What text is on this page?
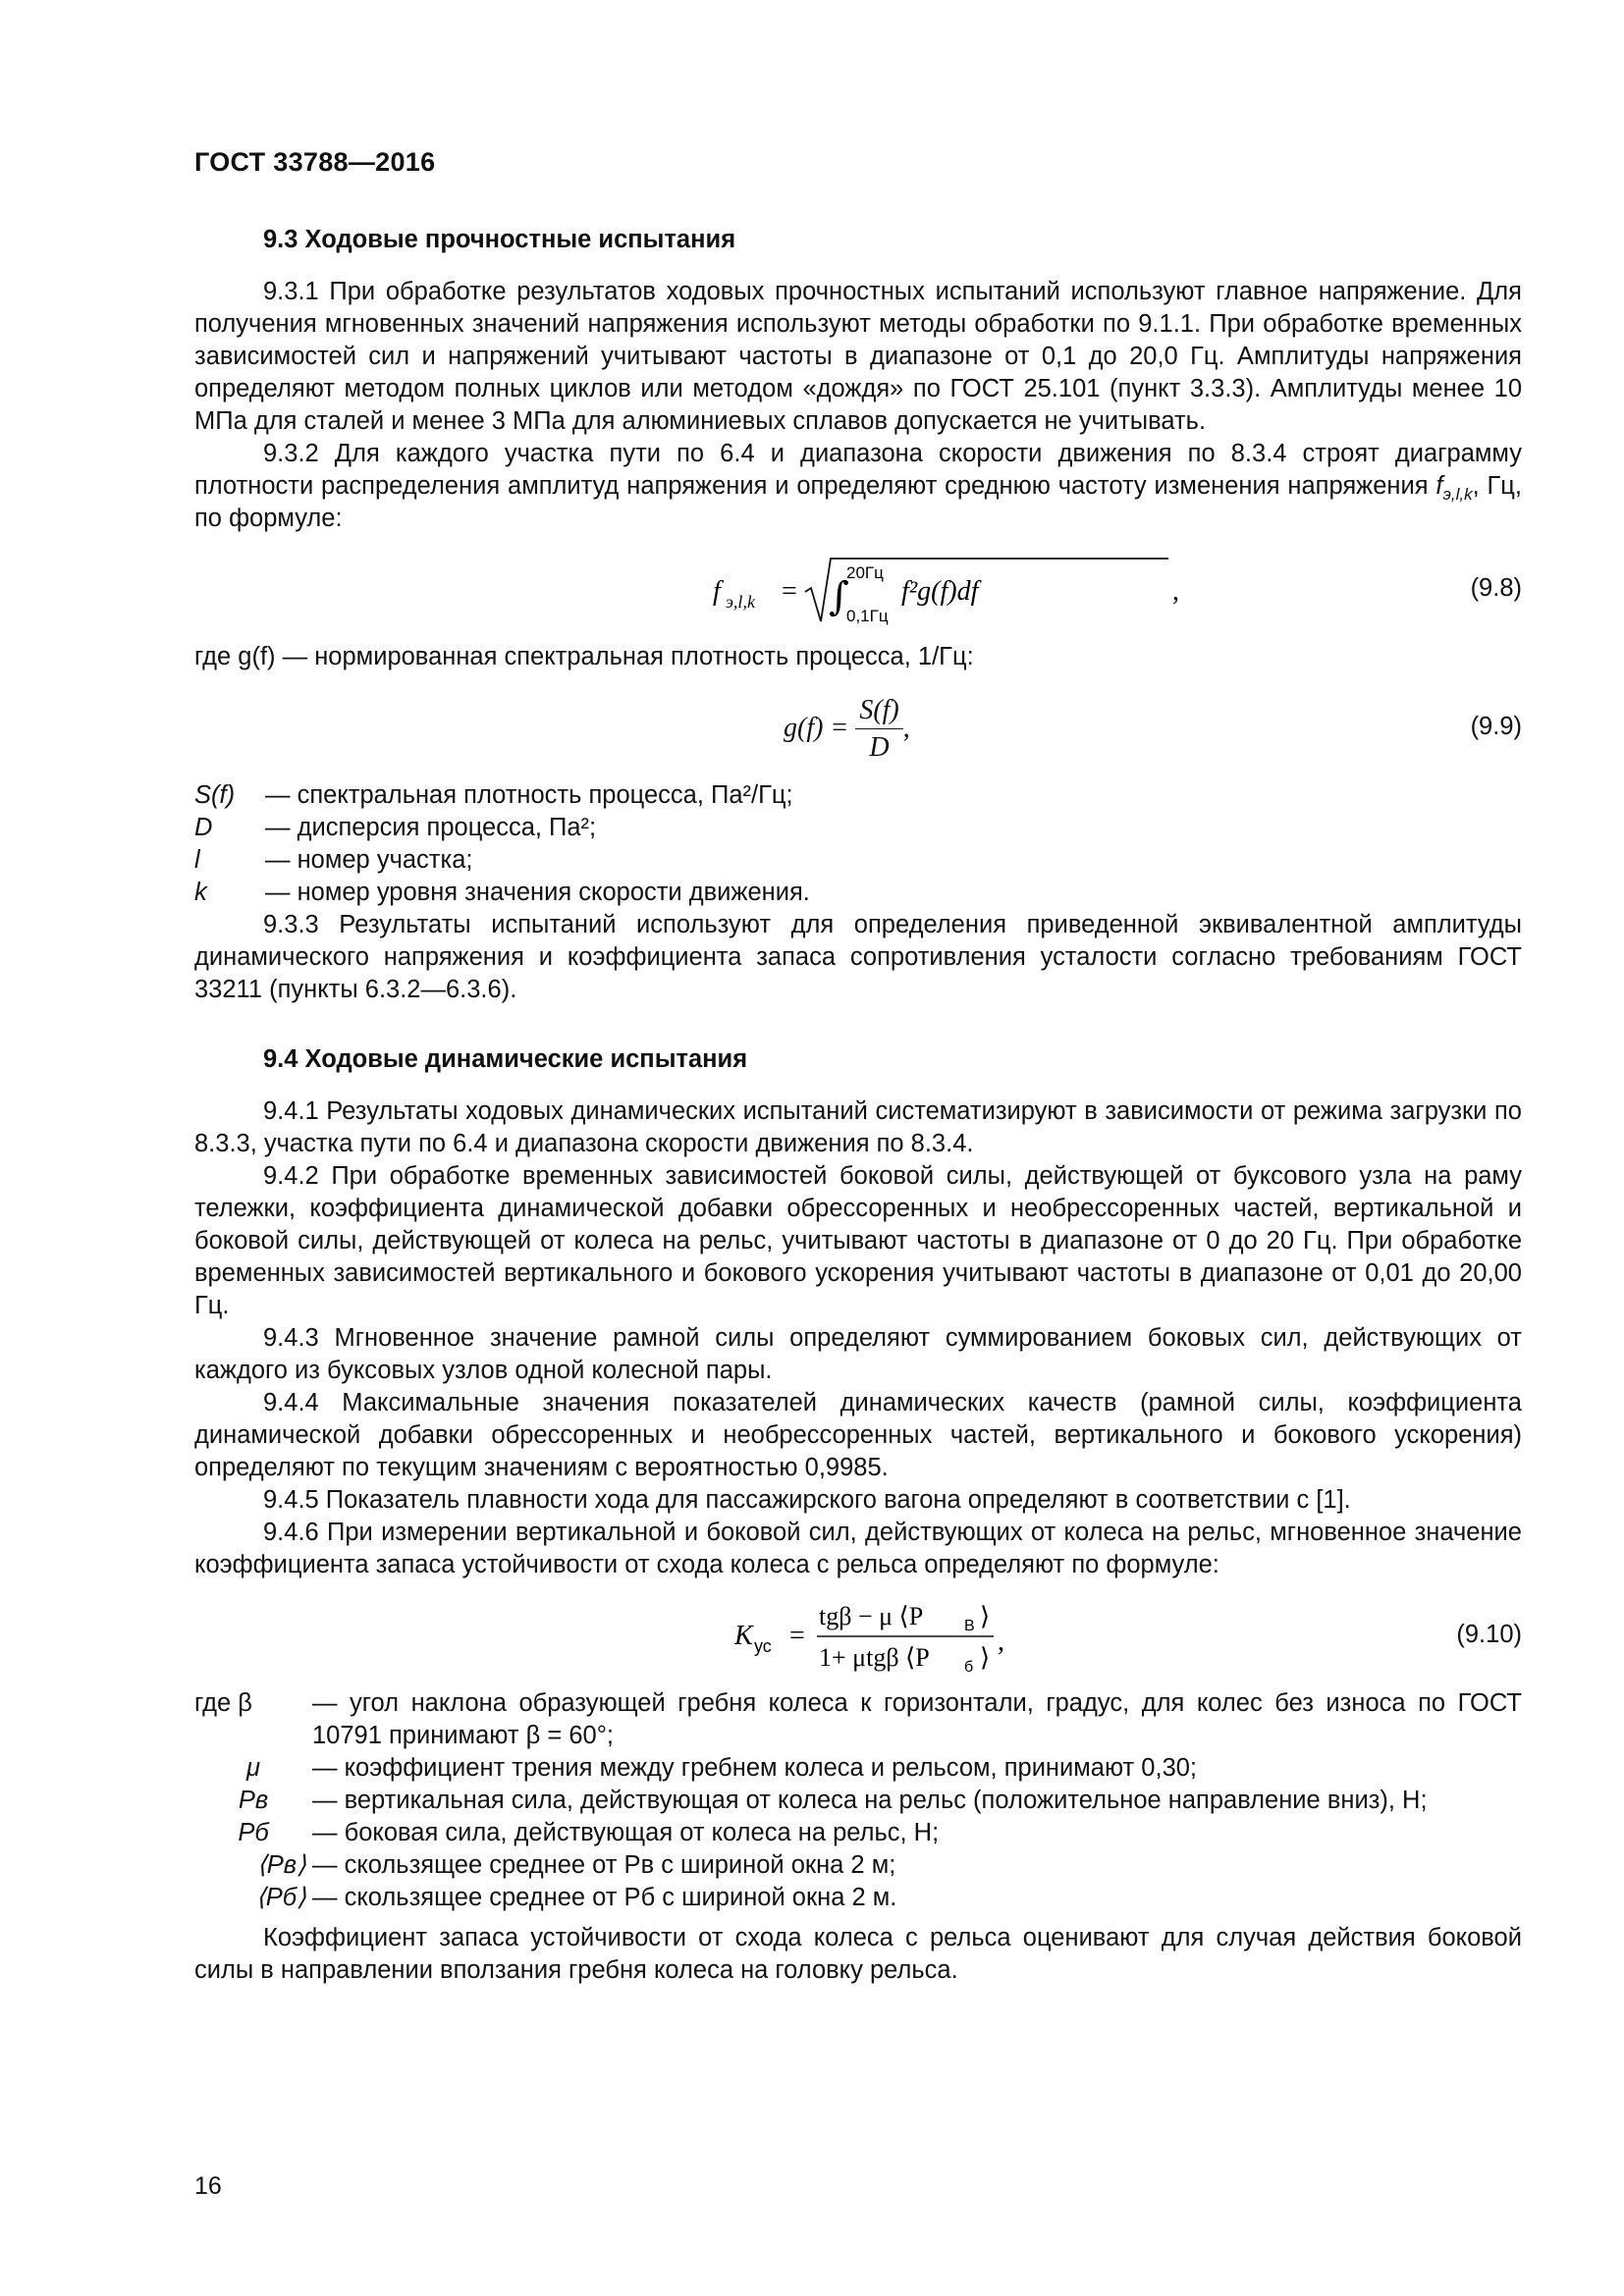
ГОСТ 33788—2016
9.3 Ходовые прочностные испытания

9.3.1 При обработке результатов ходовых прочностных испытаний используют главное напряжение. Для получения мгновенных значений напряжения используют методы обработки по 9.1.1. При обработке временных зависимостей сил и напряжений учитывают частоты в диапазоне от 0,1 до 20,0 Гц. Амплитуды напряжения определяют методом полных циклов или методом «дождя» по ГОСТ 25.101 (пункт 3.3.3). Амплитуды менее 10 МПа для сталей и менее 3 МПа для алюминиевых сплавов допускается не учитывать.

9.3.2 Для каждого участка пути по 6.4 и диапазона скорости движения по 8.3.4 строят диаграмму плотности распределения амплитуд напряжения и определяют среднюю частоту изменения напряжения $f_{э,l,k}$, Гц, по формуле:

f э,l,k = ∫
20Гц
0,1Гц
f²g(f)df	,	(9.8)

где g(f) — нормированная спектральная плотность процесса, 1/Гц:

$g(f) = \frac{S(f)}{D}$ ,	(9.9)
S(f)	— спектральная плотность процесса, Па²/Гц;
D	— дисперсия процесса, Па²;
l	— номер участка;
k	— номер уровня значения скорости движения.

9.3.3 Результаты испытаний используют для определения приведенной эквивалентной амплитуды динамического напряжения и коэффициента запаса сопротивления усталости согласно требованиям ГОСТ 33211 (пункты 6.3.2—6.3.6).

9.4 Ходовые динамические испытания

9.4.1 Результаты ходовых динамических испытаний систематизируют в зависимости от режима загрузки по 8.3.3, участка пути по 6.4 и диапазона скорости движения по 8.3.4.

9.4.2 При обработке временных зависимостей боковой силы, действующей от буксового узла на раму тележки, коэффициента динамической добавки обрессоренных и необрессоренных частей, вертикальной и боковой силы, действующей от колеса на рельс, учитывают частоты в диапазоне от 0 до 20 Гц. При обработке временных зависимостей вертикального и бокового ускорения учитывают частоты в диапазоне от 0,01 до 20,00 Гц.

9.4.3 Мгновенное значение рамной силы определяют суммированием боковых сил, действующих от каждого из буксовых узлов одной колесной пары.

9.4.4 Максимальные значения показателей динамических качеств (рамной силы, коэффициента динамической добавки обрессоренных и необрессоренных частей, вертикального и бокового ускорения) определяют по текущим значениям с вероятностью 0,9985.

9.4.5 Показатель плавности хода для пассажирского вагона определяют в соответствии с [1].

9.4.6 При измерении вертикальной и боковой сил, действующих от колеса на рельс, мгновенное значение коэффициента запаса устойчивости от схода колеса с рельса определяют по формуле:

K ус =
tgβ − μ ⟨P	В ⟩
1+ μtgβ ⟨P б ⟩
,	(9.10)
где β	— угол наклона образующей гребня колеса к горизонтали, градус, для колес без износа по ГОСТ 10791 принимают β = 60°;
μ	— коэффициент трения между гребнем колеса и рельсом, принимают 0,30;
Pв	— вертикальная сила, действующая от колеса на рельс (положительное направление вниз), Н;
Pб	— боковая сила, действующая от колеса на рельс, Н;
⟨Pв⟩ — скользящее среднее от Pв с шириной окна 2 м;
⟨Pб⟩ — скользящее среднее от Pб с шириной окна 2 м.

Коэффициент запаса устойчивости от схода колеса с рельса оценивают для случая действия боковой силы в направлении вползания гребня колеса на головку рельса.

16
